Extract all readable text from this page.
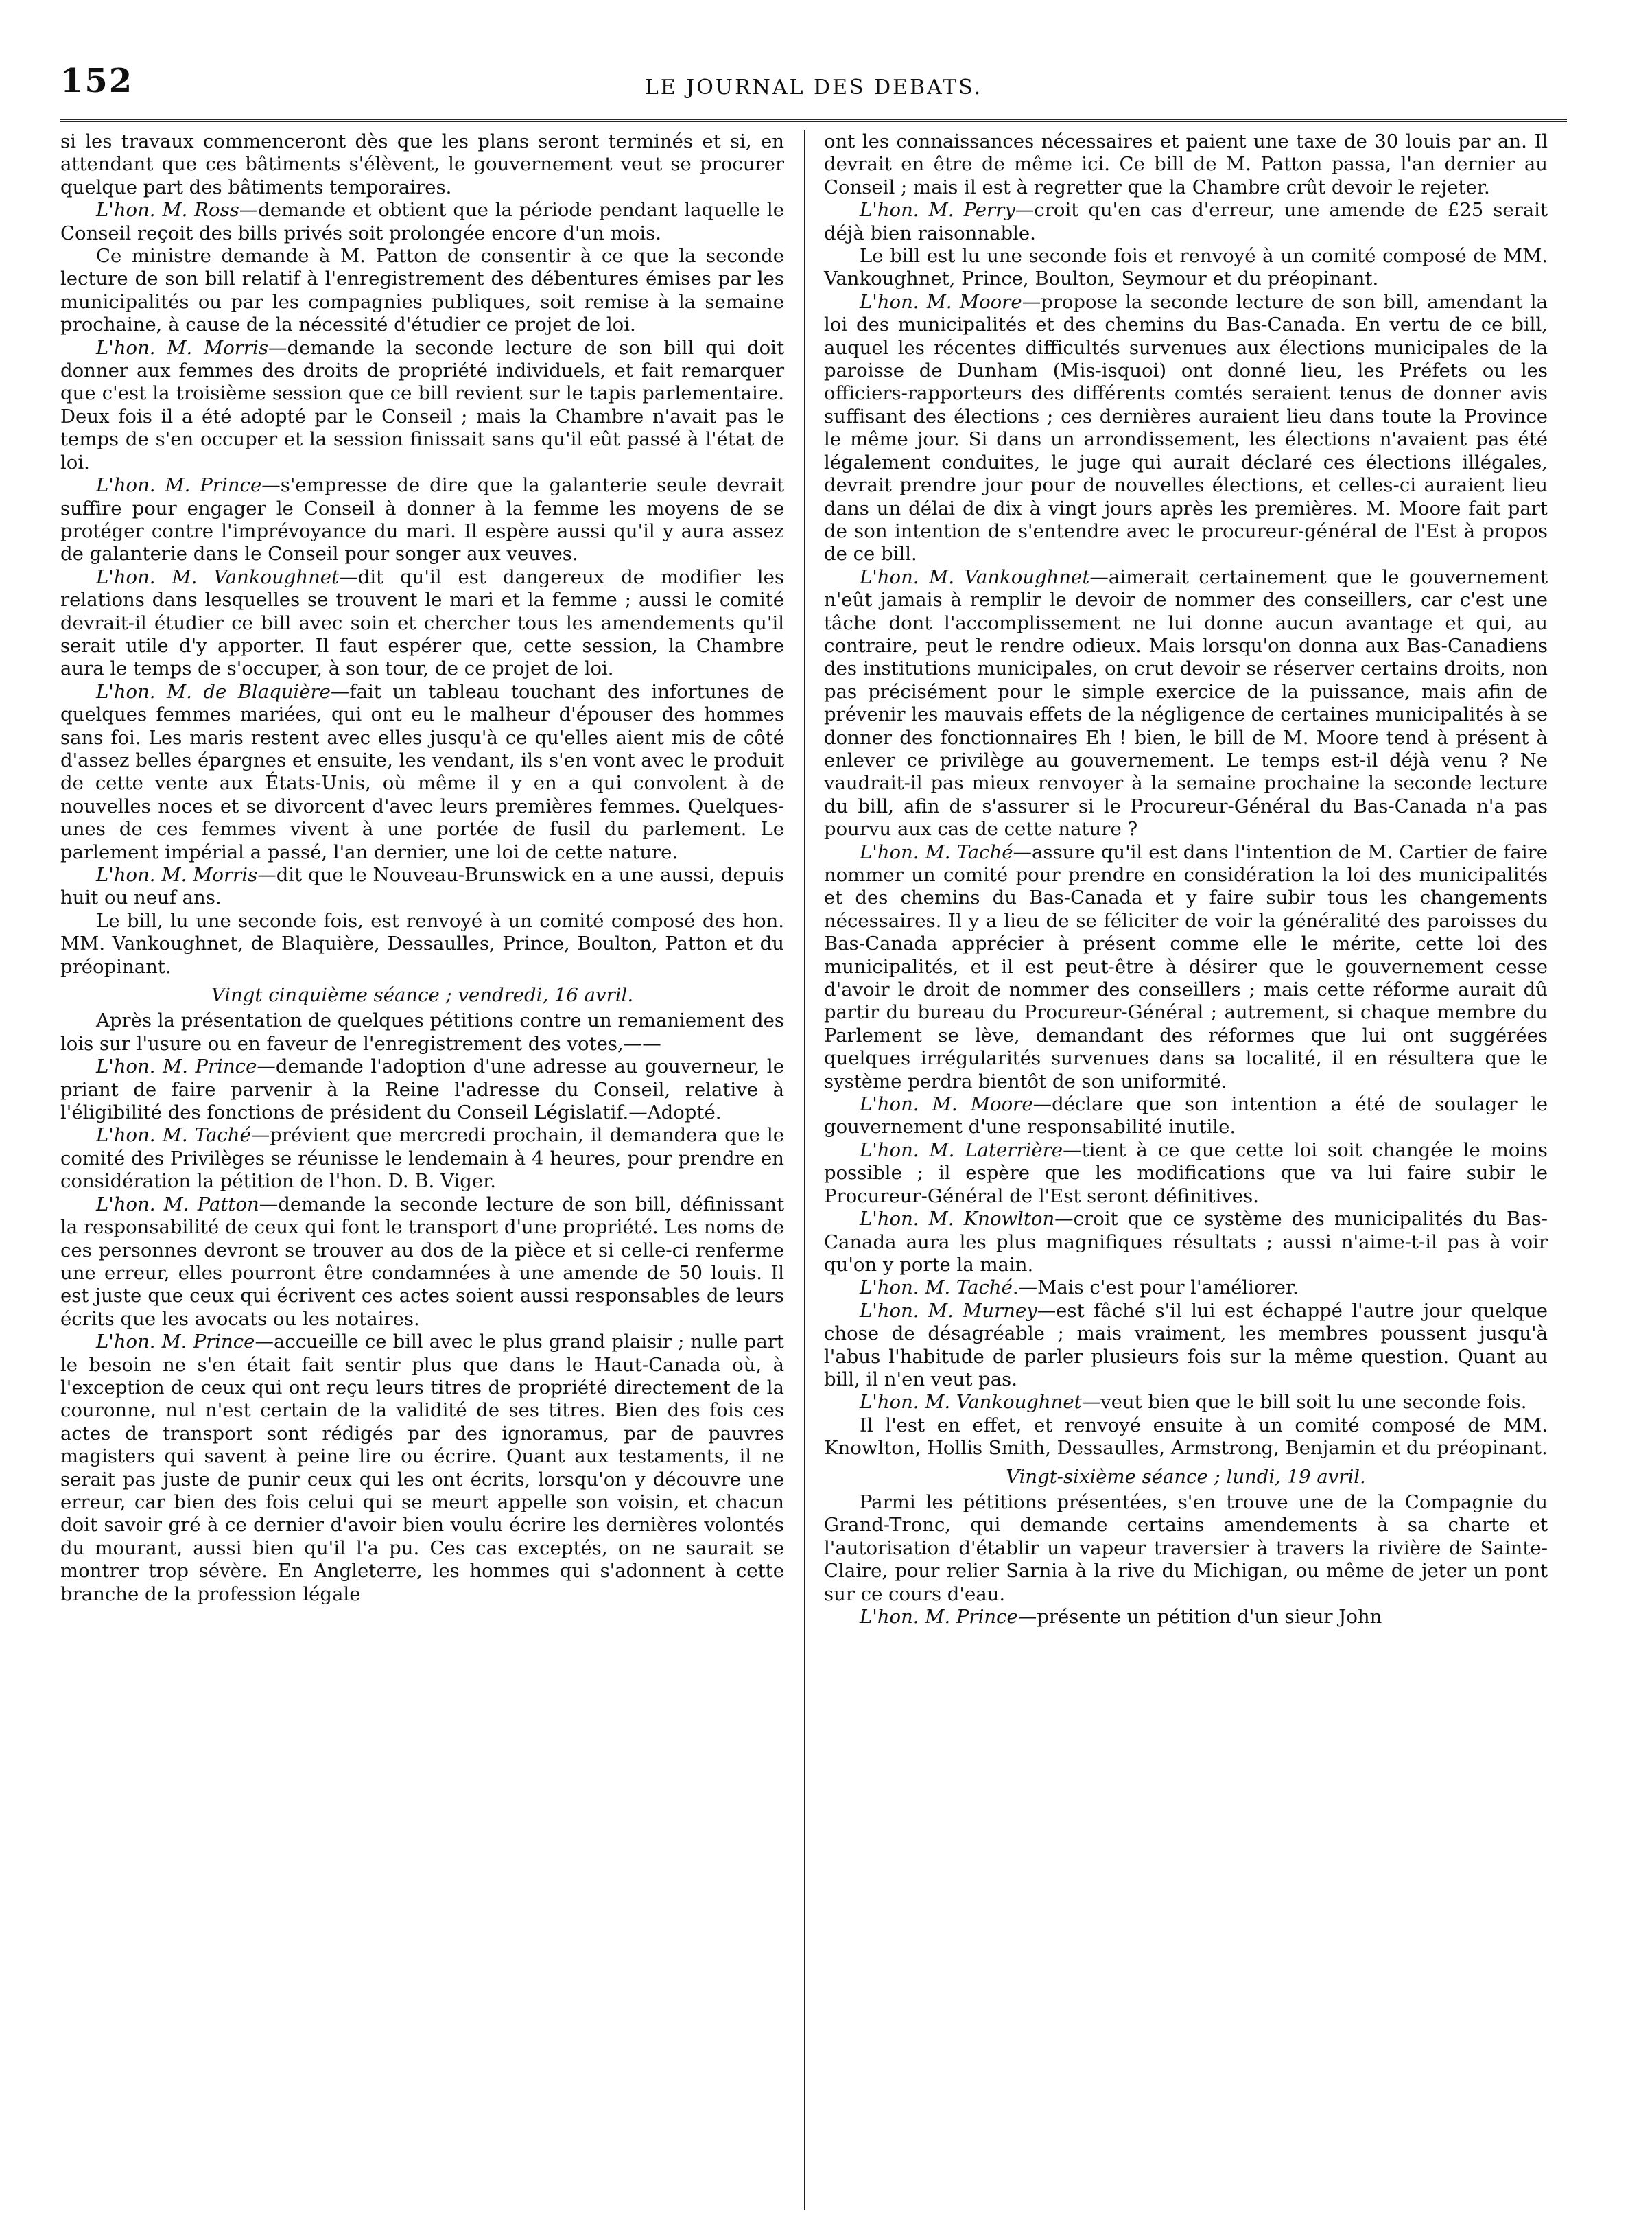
152	LE JOURNAL DES DEBATS.

si les travaux commenceront dès que les plans seront terminés et si, en attendant que ces bâtiments s'élèvent, le gouvernement veut se procurer quelque part des bâtiments temporaires.

L'hon. M. Ross—demande et obtient que la période pendant laquelle le Conseil reçoit des bills privés soit prolongée encore d'un mois.

Ce ministre demande à M. Patton de consentir à ce que la seconde lecture de son bill relatif à l'enregistrement des débentures émises par les municipalités ou par les compagnies publiques, soit remise à la semaine prochaine, à cause de la nécessité d'étudier ce projet de loi.

L'hon. M. Morris—demande la seconde lecture de son bill qui doit donner aux femmes des droits de propriété individuels, et fait remarquer que c'est la troisième session que ce bill revient sur le tapis parlementaire. Deux fois il a été adopté par le Conseil ; mais la Chambre n'avait pas le temps de s'en occuper et la session finissait sans qu'il eût passé à l'état de loi.

L'hon. M. Prince—s'empresse de dire que la galanterie seule devrait suffire pour engager le Conseil à donner à la femme les moyens de se protéger contre l'imprévoyance du mari. Il espère aussi qu'il y aura assez de galanterie dans le Conseil pour songer aux veuves.

L'hon. M. Vankoughnet—dit qu'il est dangereux de modifier les relations dans lesquelles se trouvent le mari et la femme ; aussi le comité devrait-il étudier ce bill avec soin et chercher tous les amendements qu'il serait utile d'y apporter. Il faut espérer que, cette session, la Chambre aura le temps de s'occuper, à son tour, de ce projet de loi.

L'hon. M. de Blaquière—fait un tableau touchant des infortunes de quelques femmes mariées, qui ont eu le malheur d'épouser des hommes sans foi. Les maris restent avec elles jusqu'à ce qu'elles aient mis de côté d'assez belles épargnes et ensuite, les vendant, ils s'en vont avec le produit de cette vente aux États-Unis, où même il y en a qui convolent à de nouvelles noces et se divorcent d'avec leurs premières femmes. Quelques-unes de ces femmes vivent à une portée de fusil du parlement. Le parlement impérial a passé, l'an dernier, une loi de cette nature.

L'hon. M. Morris—dit que le Nouveau-Brunswick en a une aussi, depuis huit ou neuf ans.

Le bill, lu une seconde fois, est renvoyé à un comité composé des hon. MM. Vankoughnet, de Blaquière, Dessaulles, Prince, Boulton, Patton et du préopinant.

Vingt cinquième séance ; vendredi, 16 avril.

Après la présentation de quelques pétitions contre un remaniement des lois sur l'usure ou en faveur de l'enregistrement des votes,——

L'hon. M. Prince—demande l'adoption d'une adresse au gouverneur, le priant de faire parvenir à la Reine l'adresse du Conseil, relative à l'éligibilité des fonctions de président du Conseil Législatif.—Adopté.

L'hon. M. Taché—prévient que mercredi prochain, il demandera que le comité des Privilèges se réunisse le lendemain à 4 heures, pour prendre en considération la pétition de l'hon. D. B. Viger.

L'hon. M. Patton—demande la seconde lecture de son bill, définissant la responsabilité de ceux qui font le transport d'une propriété. Les noms de ces personnes devront se trouver au dos de la pièce et si celle-ci renferme une erreur, elles pourront être condamnées à une amende de 50 louis. Il est juste que ceux qui écrivent ces actes soient aussi responsables de leurs écrits que les avocats ou les notaires.

L'hon. M. Prince—accueille ce bill avec le plus grand plaisir ; nulle part le besoin ne s'en était fait sentir plus que dans le Haut-Canada où, à l'exception de ceux qui ont reçu leurs titres de propriété directement de la couronne, nul n'est certain de la validité de ses titres. Bien des fois ces actes de transport sont rédigés par des ignoramus, par de pauvres magisters qui savent à peine lire ou écrire. Quant aux testaments, il ne serait pas juste de punir ceux qui les ont écrits, lorsqu'on y découvre une erreur, car bien des fois celui qui se meurt appelle son voisin, et chacun doit savoir gré à ce dernier d'avoir bien voulu écrire les dernières volontés du mourant, aussi bien qu'il l'a pu. Ces cas exceptés, on ne saurait se montrer trop sévère. En Angleterre, les hommes qui s'adonnent à cette branche de la profession légale

ont les connaissances nécessaires et paient une taxe de 30 louis par an. Il devrait en être de même ici. Ce bill de M. Patton passa, l'an dernier au Conseil ; mais il est à regretter que la Chambre crût devoir le rejeter.

L'hon. M. Perry—croit qu'en cas d'erreur, une amende de £25 serait déjà bien raisonnable.

Le bill est lu une seconde fois et renvoyé à un comité composé de MM. Vankoughnet, Prince, Boulton, Seymour et du préopinant.

L'hon. M. Moore—propose la seconde lecture de son bill, amendant la loi des municipalités et des chemins du Bas-Canada. En vertu de ce bill, auquel les récentes difficultés survenues aux élections municipales de la paroisse de Dunham (Mis-isquoi) ont donné lieu, les Préfets ou les officiers-rapporteurs des différents comtés seraient tenus de donner avis suffisant des élections ; ces dernières auraient lieu dans toute la Province le même jour. Si dans un arrondissement, les élections n'avaient pas été légalement conduites, le juge qui aurait déclaré ces élections illégales, devrait prendre jour pour de nouvelles élections, et celles-ci auraient lieu dans un délai de dix à vingt jours après les premières. M. Moore fait part de son intention de s'entendre avec le procureur-général de l'Est à propos de ce bill.

L'hon. M. Vankoughnet—aimerait certainement que le gouvernement n'eût jamais à remplir le devoir de nommer des conseillers, car c'est une tâche dont l'accomplissement ne lui donne aucun avantage et qui, au contraire, peut le rendre odieux. Mais lorsqu'on donna aux Bas-Canadiens des institutions municipales, on crut devoir se réserver certains droits, non pas précisément pour le simple exercice de la puissance, mais afin de prévenir les mauvais effets de la négligence de certaines municipalités à se donner des fonctionnaires Eh ! bien, le bill de M. Moore tend à présent à enlever ce privilège au gouvernement. Le temps est-il déjà venu ? Ne vaudrait-il pas mieux renvoyer à la semaine prochaine la seconde lecture du bill, afin de s'assurer si le Procureur-Général du Bas-Canada n'a pas pourvu aux cas de cette nature ?

L'hon. M. Taché—assure qu'il est dans l'intention de M. Cartier de faire nommer un comité pour prendre en considération la loi des municipalités et des chemins du Bas-Canada et y faire subir tous les changements nécessaires. Il y a lieu de se féliciter de voir la généralité des paroisses du Bas-Canada apprécier à présent comme elle le mérite, cette loi des municipalités, et il est peut-être à désirer que le gouvernement cesse d'avoir le droit de nommer des conseillers ; mais cette réforme aurait dû partir du bureau du Procureur-Général ; autrement, si chaque membre du Parlement se lève, demandant des réformes que lui ont suggérées quelques irrégularités survenues dans sa localité, il en résultera que le système perdra bientôt de son uniformité.

L'hon. M. Moore—déclare que son intention a été de soulager le gouvernement d'une responsabilité inutile.

L'hon. M. Laterrière—tient à ce que cette loi soit changée le moins possible ; il espère que les modifications que va lui faire subir le Procureur-Général de l'Est seront définitives.

L'hon. M. Knowlton—croit que ce système des municipalités du Bas-Canada aura les plus magnifiques résultats ; aussi n'aime-t-il pas à voir qu'on y porte la main.

L'hon. M. Taché.—Mais c'est pour l'améliorer.

L'hon. M. Murney—est fâché s'il lui est échappé l'autre jour quelque chose de désagréable ; mais vraiment, les membres poussent jusqu'à l'abus l'habitude de parler plusieurs fois sur la même question. Quant au bill, il n'en veut pas.

L'hon. M. Vankoughnet—veut bien que le bill soit lu une seconde fois.

Il l'est en effet, et renvoyé ensuite à un comité composé de MM. Knowlton, Hollis Smith, Dessaulles, Armstrong, Benjamin et du préopinant.

Vingt-sixième séance ; lundi, 19 avril.

Parmi les pétitions présentées, s'en trouve une de la Compagnie du Grand-Tronc, qui demande certains amendements à sa charte et l'autorisation d'établir un vapeur traversier à travers la rivière de Sainte-Claire, pour relier Sarnia à la rive du Michigan, ou même de jeter un pont sur ce cours d'eau.

L'hon. M. Prince—présente un pétition d'un sieur John
